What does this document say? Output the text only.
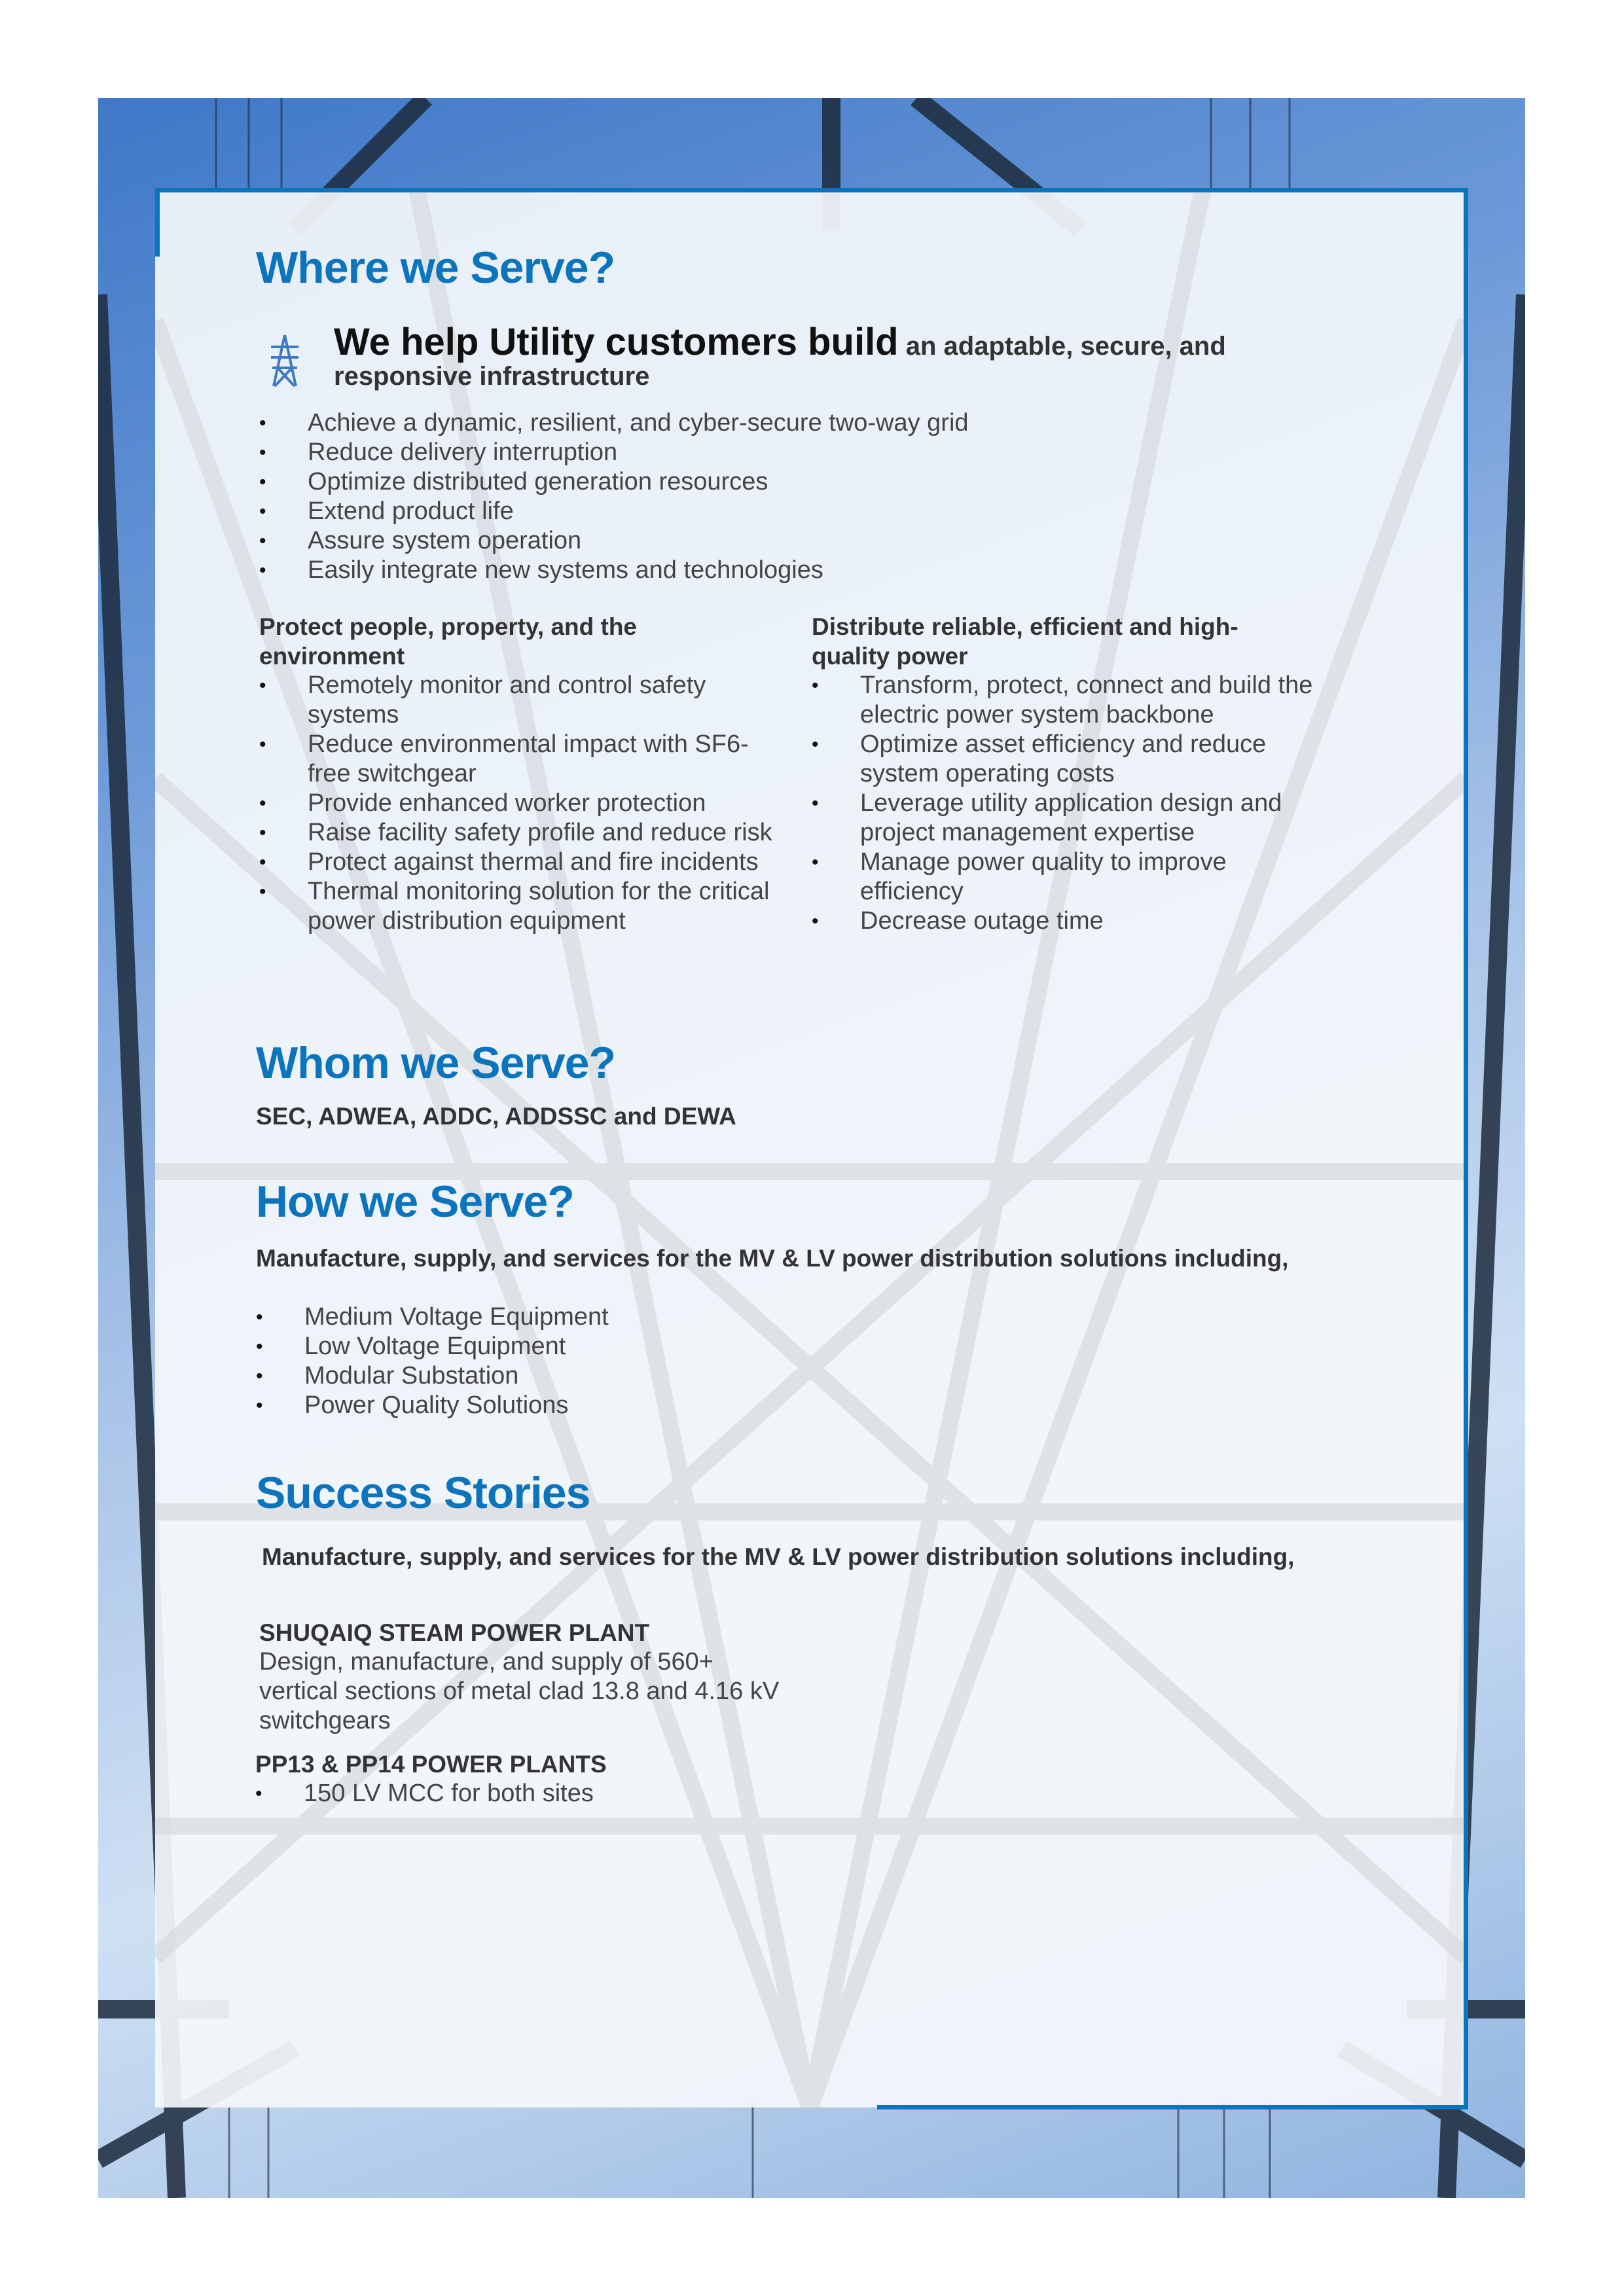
Where we Serve?
We help Utility customers build an adaptable, secure, and responsive infrastructure
• Achieve a dynamic, resilient, and cyber-secure two-way grid
• Reduce delivery interruption
• Optimize distributed generation resources
• Extend product life
• Assure system operation
• Easily integrate new systems and technologies
Protect people, property, and the environment
• Remotely monitor and control safety systems
• Reduce environmental impact with SF6-free switchgear
• Provide enhanced worker protection
• Raise facility safety profile and reduce risk
• Protect against thermal and fire incidents
• Thermal monitoring solution for the critical power distribution equipment
Distribute reliable, efficient and high-quality power
• Transform, protect, connect and build the electric power system backbone
• Optimize asset efficiency and reduce system operating costs
• Leverage utility application design and project management expertise
• Manage power quality to improve efficiency
• Decrease outage time
Whom we Serve?
SEC, ADWEA, ADDC, ADDSSC and DEWA
How we Serve?
Manufacture, supply, and services for the MV & LV power distribution solutions including,
• Medium Voltage Equipment
• Low Voltage Equipment
• Modular Substation
• Power Quality Solutions
Success Stories
Manufacture, supply, and services for the MV & LV power distribution solutions including,
SHUQAIQ STEAM POWER PLANT
Design, manufacture, and supply of 560+ vertical sections of metal clad 13.8 and 4.16 kV switchgears
PP13 & PP14 POWER PLANTS
• 150 LV MCC for both sites
